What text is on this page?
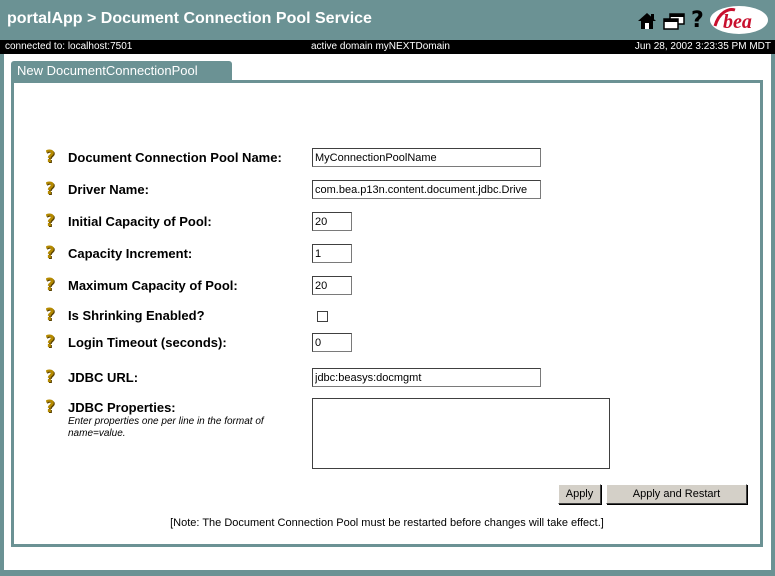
portalApp > Document Connection Pool Service	? bea
connected to: localhost:7501	active domain myNEXTDomain	Jun 28, 2002 3:23:35 PM MDT
New DocumentConnectionPool
?	Document Connection Pool Name:
MyConnectionPoolName
?	Driver Name:
com.bea.p13n.content.document.jdbc.Drive
?	Initial Capacity of Pool:
20
?	Capacity Increment:
1
?	Maximum Capacity of Pool:
20
?	Is Shrinking Enabled?
?	Login Timeout (seconds):
0
?	JDBC URL:
jdbc:beasys:docmgmt
?	JDBC Properties:
Enter properties one per line in the format of name=value.
Apply	Apply and Restart
[Note: The Document Connection Pool must be restarted before changes will take effect.]
